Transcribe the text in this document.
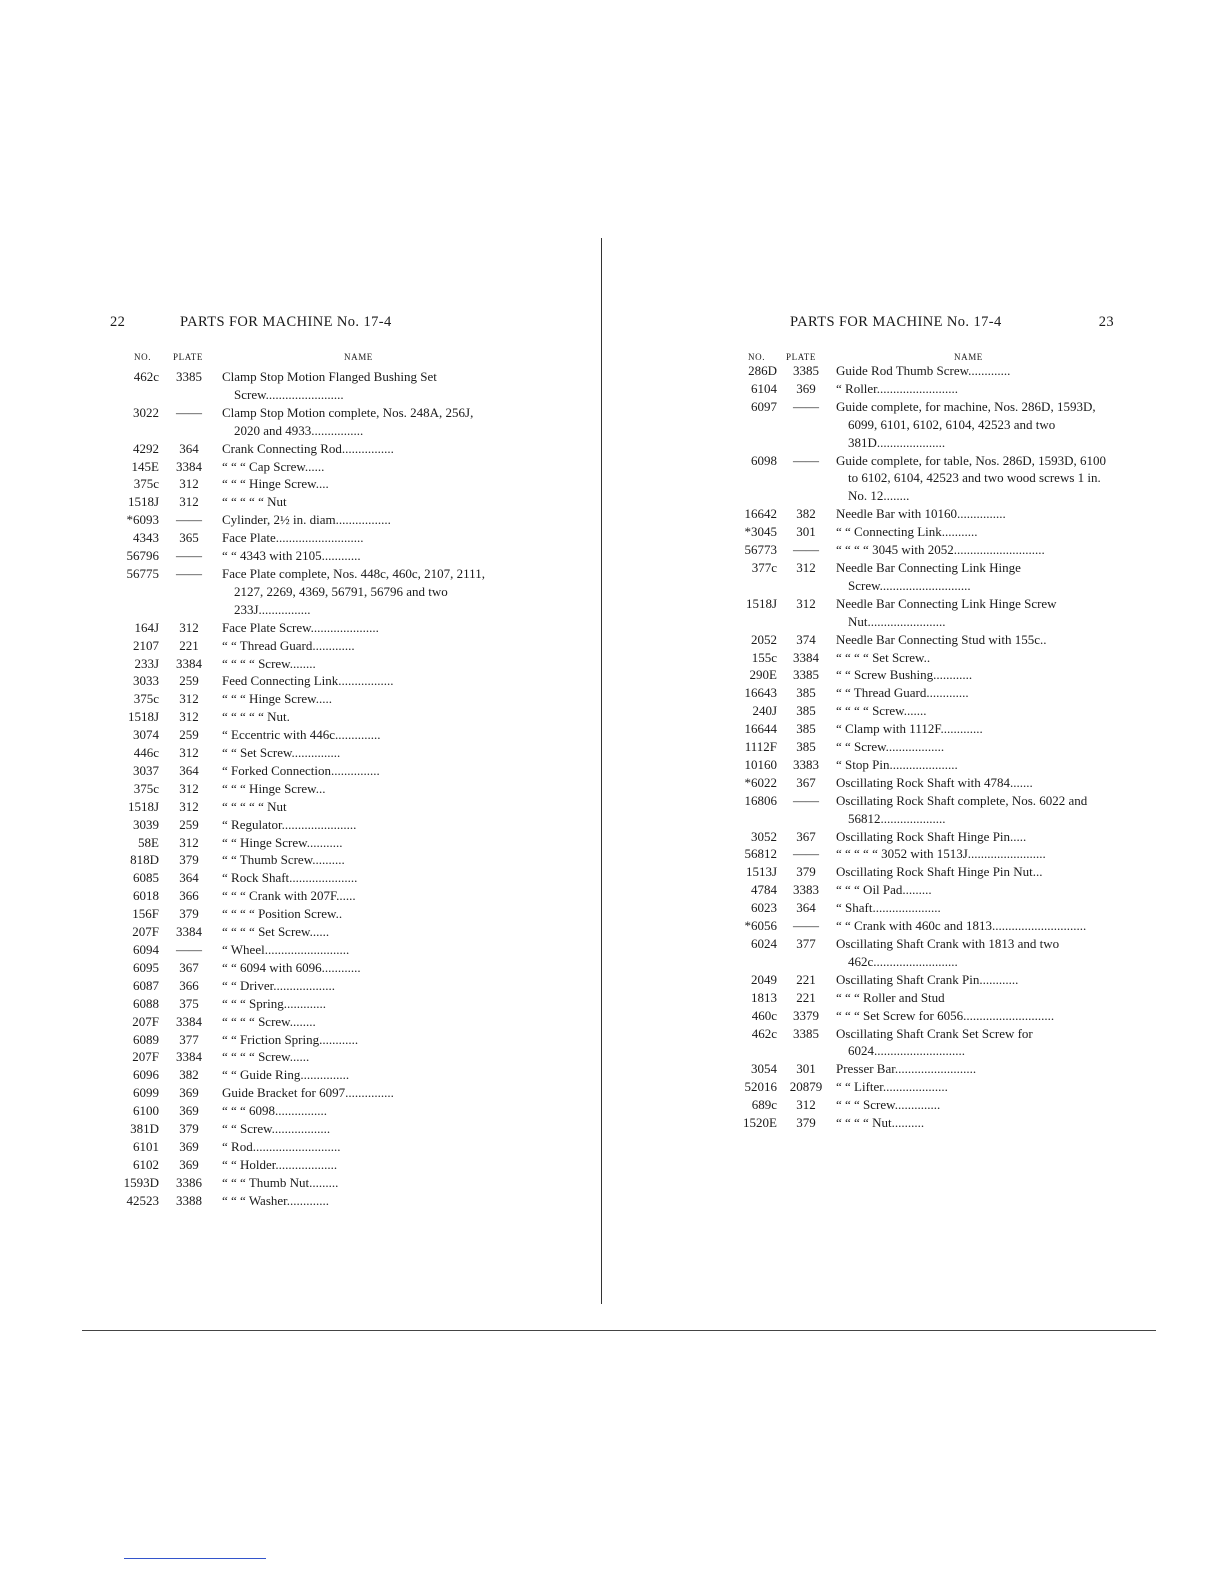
22	PARTS FOR MACHINE No. 17-4
NO. PLATE	NAME
462c	3385	Clamp Stop Motion Flanged Bushing Set Screw........................
3022	——	Clamp Stop Motion complete, Nos. 248A, 256J, 2020 and 4933................
4292	364	Crank Connecting Rod................
145E	3384	“ “ “ Cap Screw......
375c	312	“ “ “ Hinge Screw....
1518J	312	“ “ “ “ “ Nut
*6093	——	Cylinder, 2½ in. diam.................
4343	365	Face Plate...........................
56796	——	“ “ 4343 with 2105............
56775	——	Face Plate complete, Nos. 448c, 460c, 2107, 2111, 2127, 2269, 4369, 56791, 56796 and two 233J................
164J	312	Face Plate Screw.....................
2107	221	“ “ Thread Guard.............
233J	3384	“ “ “ “ Screw........
3033	259	Feed Connecting Link.................
375c	312	“ “ “ Hinge Screw.....
1518J	312	“ “ “ “ “ Nut.
3074	259	“ Eccentric with 446c..............
446c	312	“ “ Set Screw...............
3037	364	“ Forked Connection...............
375c	312	“ “ “ Hinge Screw...
1518J	312	“ “ “ “ “ Nut
3039	259	“ Regulator.......................
58E	312	“ “ Hinge Screw...........
818D	379	“ “ Thumb Screw..........
6085	364	“ Rock Shaft.....................
6018	366	“ “ “ Crank with 207F......
156F	379	“ “ “ “ Position Screw..
207F	3384	“ “ “ “ Set Screw......
6094	——	“ Wheel..........................
6095	367	“ “ 6094 with 6096............
6087	366	“ “ Driver...................
6088	375	“ “ “ Spring.............
207F	3384	“ “ “ “ Screw........
6089	377	“ “ Friction Spring............
207F	3384	“ “ “ “ Screw......
6096	382	“ “ Guide Ring...............
6099	369	Guide Bracket for 6097...............
6100	369	“ “ “ 6098................
381D	379	“ “ Screw..................
6101	369	“ Rod...........................
6102	369	“ “ Holder...................
1593D	3386	“ “ “ Thumb Nut.........
42523	3388	“ “ “ Washer.............
PARTS FOR MACHINE No. 17-4	23
NO. PLATE	NAME
286D	3385	Guide Rod Thumb Screw.............
6104	369	“ Roller.........................
6097	——	Guide complete, for machine, Nos. 286D, 1593D, 6099, 6101, 6102, 6104, 42523 and two 381D.....................
6098	——	Guide complete, for table, Nos. 286D, 1593D, 6100 to 6102, 6104, 42523 and two wood screws 1 in. No. 12........
16642	382	Needle Bar with 10160...............
*3045	301	“ “ Connecting Link...........
56773	——	“ “ “ “ 3045 with 2052............................
377c	312	Needle Bar Connecting Link Hinge Screw............................
1518J	312	Needle Bar Connecting Link Hinge Screw Nut........................
2052	374	Needle Bar Connecting Stud with 155c..
155c	3384	“ “ “ “ Set Screw..
290E	3385	“ “ Screw Bushing............
16643	385	“ “ Thread Guard.............
240J	385	“ “ “ “ Screw.......
16644	385	“ Clamp with 1112F.............
1112F	385	“ “ Screw..................
10160	3383	“ Stop Pin.....................
*6022	367	Oscillating Rock Shaft with 4784.......
16806	——	Oscillating Rock Shaft complete, Nos. 6022 and 56812....................
3052	367	Oscillating Rock Shaft Hinge Pin.....
56812	——	“ “ “ “ “ 3052 with 1513J........................
1513J	379	Oscillating Rock Shaft Hinge Pin Nut...
4784	3383	“ “ “ Oil Pad.........
6023	364	“ Shaft.....................
*6056	——	“ “ Crank with 460c and 1813.............................
6024	377	Oscillating Shaft Crank with 1813 and two 462c..........................
2049	221	Oscillating Shaft Crank Pin............
1813	221	“ “ “ Roller and Stud
460c	3379	“ “ “ Set Screw for 6056............................
462c	3385	Oscillating Shaft Crank Set Screw for 6024............................
3054	301	Presser Bar.........................
52016 20879	“ “ Lifter....................
689c	312	“ “ “ Screw..............
1520E	379	“ “ “ “ Nut..........
